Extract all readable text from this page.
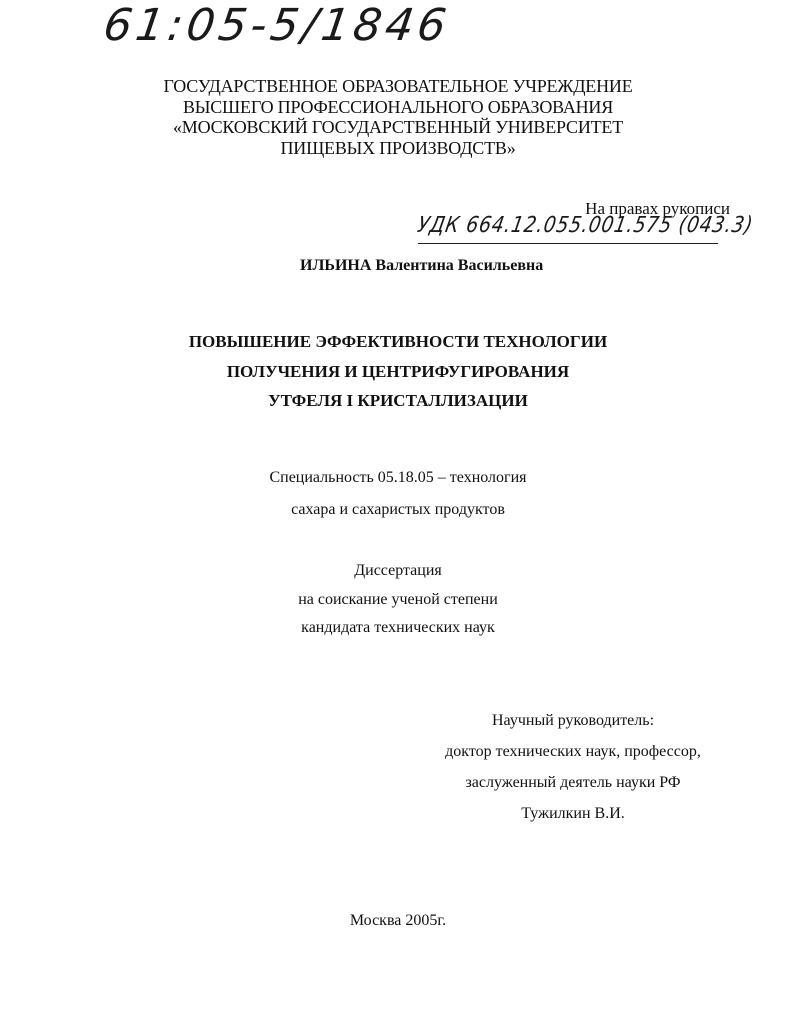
61:05-5/1846
ГОСУДАРСТВЕННОЕ ОБРАЗОВАТЕЛЬНОЕ УЧРЕЖДЕНИЕ
ВЫСШЕГО ПРОФЕССИОНАЛЬНОГО ОБРАЗОВАНИЯ
«МОСКОВСКИЙ ГОСУДАРСТВЕННЫЙ УНИВЕРСИТЕТ
ПИЩЕВЫХ ПРОИЗВОДСТВ»
На правах рукописи
УДК 664.12.055.001.575 (043.3)
ИЛЬИНА Валентина Васильевна
ПОВЫШЕНИЕ ЭФФЕКТИВНОСТИ ТЕХНОЛОГИИ
ПОЛУЧЕНИЯ И ЦЕНТРИФУГИРОВАНИЯ
УТФЕЛЯ I КРИСТАЛЛИЗАЦИИ
Специальность 05.18.05 – технология
сахара и сахаристых продуктов
Диссертация
на соискание ученой степени
кандидата технических наук
Научный руководитель:
доктор технических наук, профессор,
заслуженный деятель науки РФ
Тужилкин В.И.
Москва 2005г.
